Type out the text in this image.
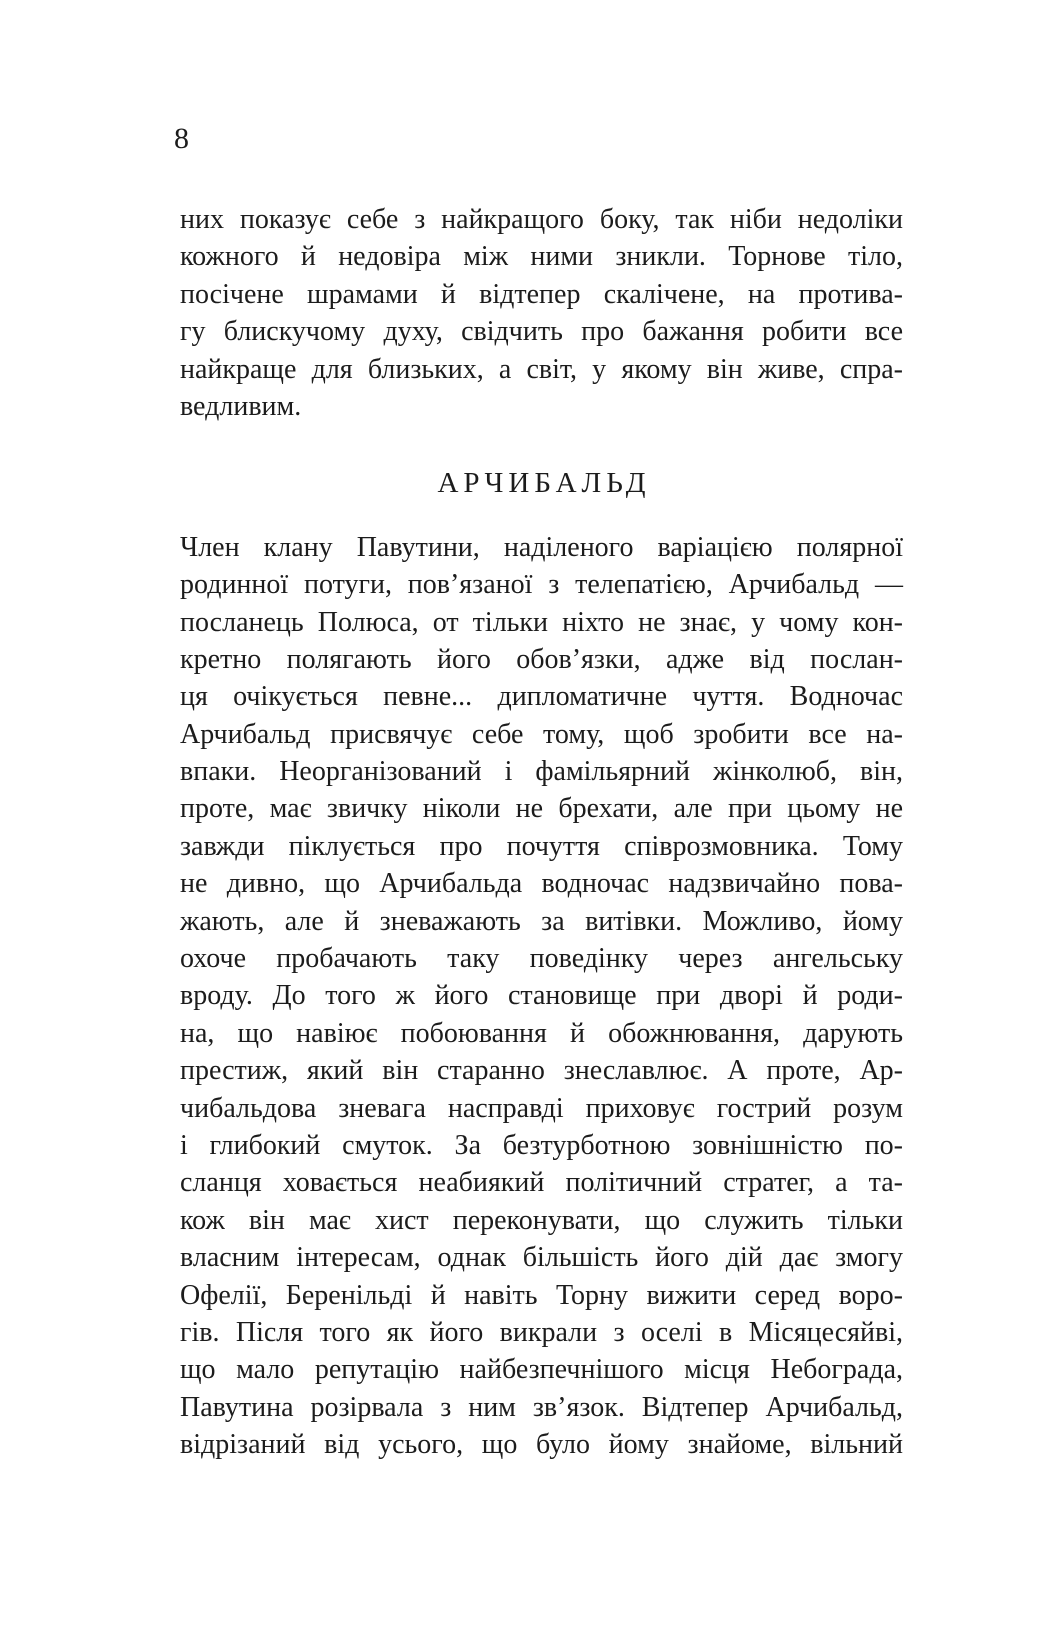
8
них показує себе з найкращого боку, так ніби недоліки
кожного й недовіра між ними зникли. Торнове тіло,
посічене шрамами й відтепер скалічене, на протива-
гу блискучому духу, свідчить про бажання робити все
найкраще для близьких, а світ, у якому він живе, спра-
ведливим.
АРЧИБАЛЬД
Член клану Павутини, наділеного варіацією полярної
родинної потуги, пов’язаної з телепатією, Арчибальд —
посланець Полюса, от тільки ніхто не знає, у чому кон-
кретно полягають його обов’язки, адже від послан-
ця очікується певне... дипломатичне чуття. Водночас
Арчибальд присвячує себе тому, щоб зробити все на-
впаки. Неорганізований і фамільярний жінколюб, він,
проте, має звичку ніколи не брехати, але при цьому не
завжди піклується про почуття співрозмовника. Тому
не дивно, що Арчибальда водночас надзвичайно пова-
жають, але й зневажають за витівки. Можливо, йому
охоче пробачають таку поведінку через ангельську
вроду. До того ж його становище при дворі й роди-
на, що навіює побоювання й обожнювання, дарують
престиж, який він старанно знеславлює. А проте, Ар-
чибальдова зневага насправді приховує гострий розум
і глибокий смуток. За безтурботною зовнішністю по-
сланця ховається неабиякий політичний стратег, а та-
кож він має хист переконувати, що служить тільки
власним інтересам, однак більшість його дій дає змогу
Офелії, Беренільді й навіть Торну вижити серед воро-
гів. Після того як його викрали з оселі в Місяцесяйві,
що мало репутацію найбезпечнішого місця Небограда,
Павутина розірвала з ним зв’язок. Відтепер Арчибальд,
відрізаний від усього, що було йому знайоме, вільний
